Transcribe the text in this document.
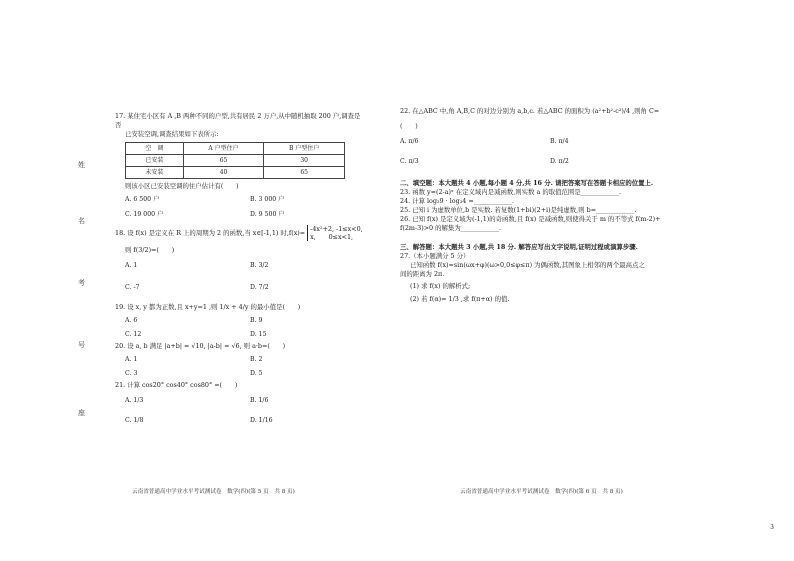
姓
名
考
号
座
17. 某住宅小区有 A ,B 两种不同的户型,共有居民 2 万户,从中随机抽取 200 户,调查是否
已安装空调,调查结果如下表所示:
空　调	A 户型住户	B 户型住户
已安装	65	30
未安装	40	65
则该小区已安装空调的住户估计有(　　)
A. 6 500 户	B. 3 000 户
C. 19 000 户	D. 9 500 户
18. 设 f(x) 是定义在 R 上的周期为 2 的函数,当 x∈[-1,1) 时,f(x)= -4x²+2, -1≤x<0,
x,　　0≤x<1,
则 f(3/2)=(　　)
A. 1	B. 3/2
C. -7	D. 7/2
19. 设 x, y 都为正数,且 x+y=1 ,则 1/x + 4/y 的最小值是(　　)
A. 6	B. 9
C. 12	D. 15
20. 设 a, b 满足 |a+b| = √10, |a-b| = √6, 则 a·b=(　　)
A. 1	B. 2
C. 3	D. 5
21. 计算 cos20° cos40° cos80° =(　　)
A. 1/3	B. 1/6
C. 1/8	D. 1/16
云南省普通高中学业水平考试测试卷　数学(四)(第 5 页　共 8 页)
22. 在△ABC 中,角 A,B,C 的对边分别为 a,b,c. 若△ABC 的面积为 (a²+b²-c²)/4 ,则角 C=
(　　)
A. π/6	B. π/4
C. π/3	D. π/2
二、填空题：本大题共 4 小题,每小题 4 分,共 16 分. 请把答案写在答题卡相应的位置上.
23. 函数 y=(2-a)ˣ 在定义域内是减函数,则实数 a 的取值范围是____________.
24. 计算 log₂9 · log₃4 =____________.
25. 已知 i 为虚数单位,b 是实数. 若复数(1+bi)(2+i)是纯虚数,则 b=____________.
26. 已知 f(x) 是定义域为(-1,1)的奇函数,且 f(x) 是减函数,则使得关于 m 的不等式 f(m-2)+
f(2m-3)>0 的解集为____________.
三、解答题：本大题共 3 小题,共 18 分. 解答应写出文字说明,证明过程或演算步骤.
27.（本小题满分 5 分）
已知函数 f(x)=sin(ωx+φ)(ω>0,0≤φ≤π) 为偶函数,其图象上相邻的两个最高点之
间的距离为 2π.
(1) 求 f(x) 的解析式;
(2) 若 f(α)= 1/3 ,求 f(π+α) 的值.
云南省普通高中学业水平考试测试卷　数学(四)(第 6 页　共 8 页)
3
